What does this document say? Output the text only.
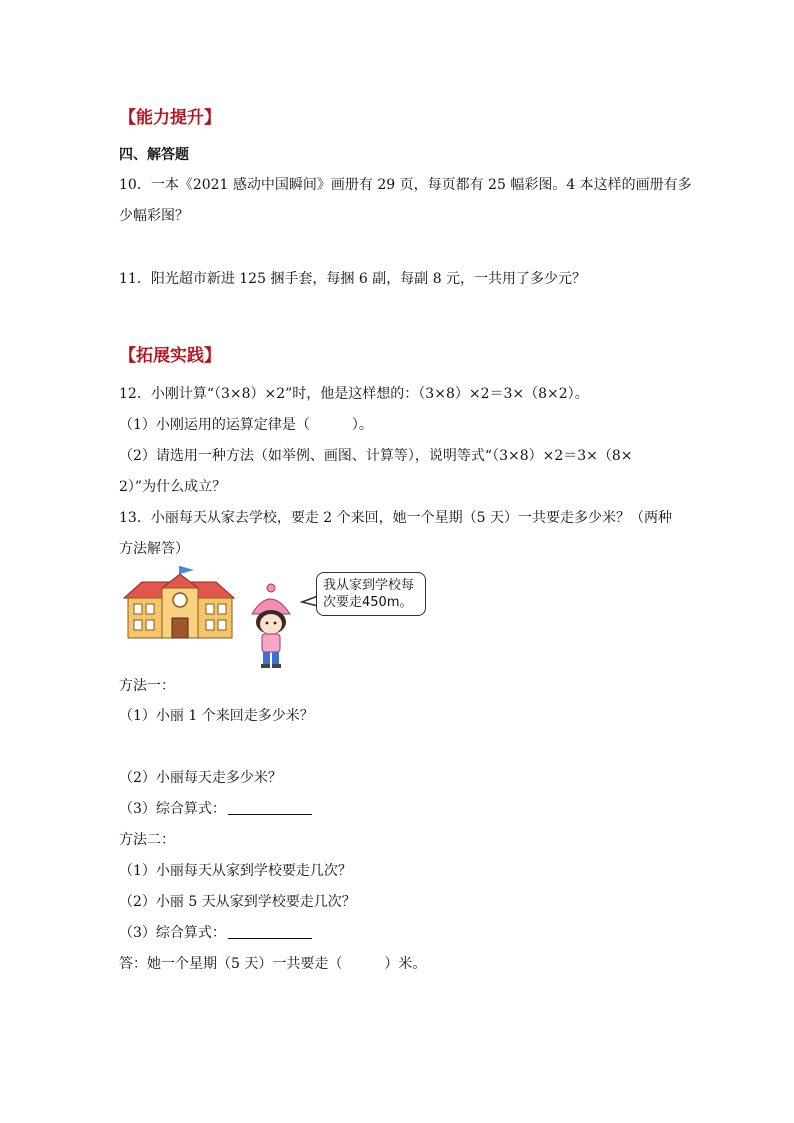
【能力提升】
四、解答题
10．一本《2021 感动中国瞬间》画册有 29 页，每页都有 25 幅彩图。4 本这样的画册有多
少幅彩图？
11．阳光超市新进 125 捆手套，每捆 6 副，每副 8 元，一共用了多少元？
【拓展实践】
12．小刚计算“（3×8）×2”时，他是这样想的：（3×8）×2＝3×（8×2）。
（1）小刚运用的运算定律是（　　　）。
（2）请选用一种方法（如举例、画图、计算等），说明等式“（3×8）×2＝3×（8×
2）”为什么成立？
13．小丽每天从家去学校，要走 2 个来回，她一个星期（5 天）一共要走多少米？（两种
方法解答）
我从家到学校每
次要走450m。
方法一：
（1）小丽 1 个来回走多少米？
（2）小丽每天走多少米？
（3）综合算式：
方法二：
（1）小丽每天从家到学校要走几次？
（2）小丽 5 天从家到学校要走几次？
（3）综合算式：
答：她一个星期（5 天）一共要走（　　　）米。
